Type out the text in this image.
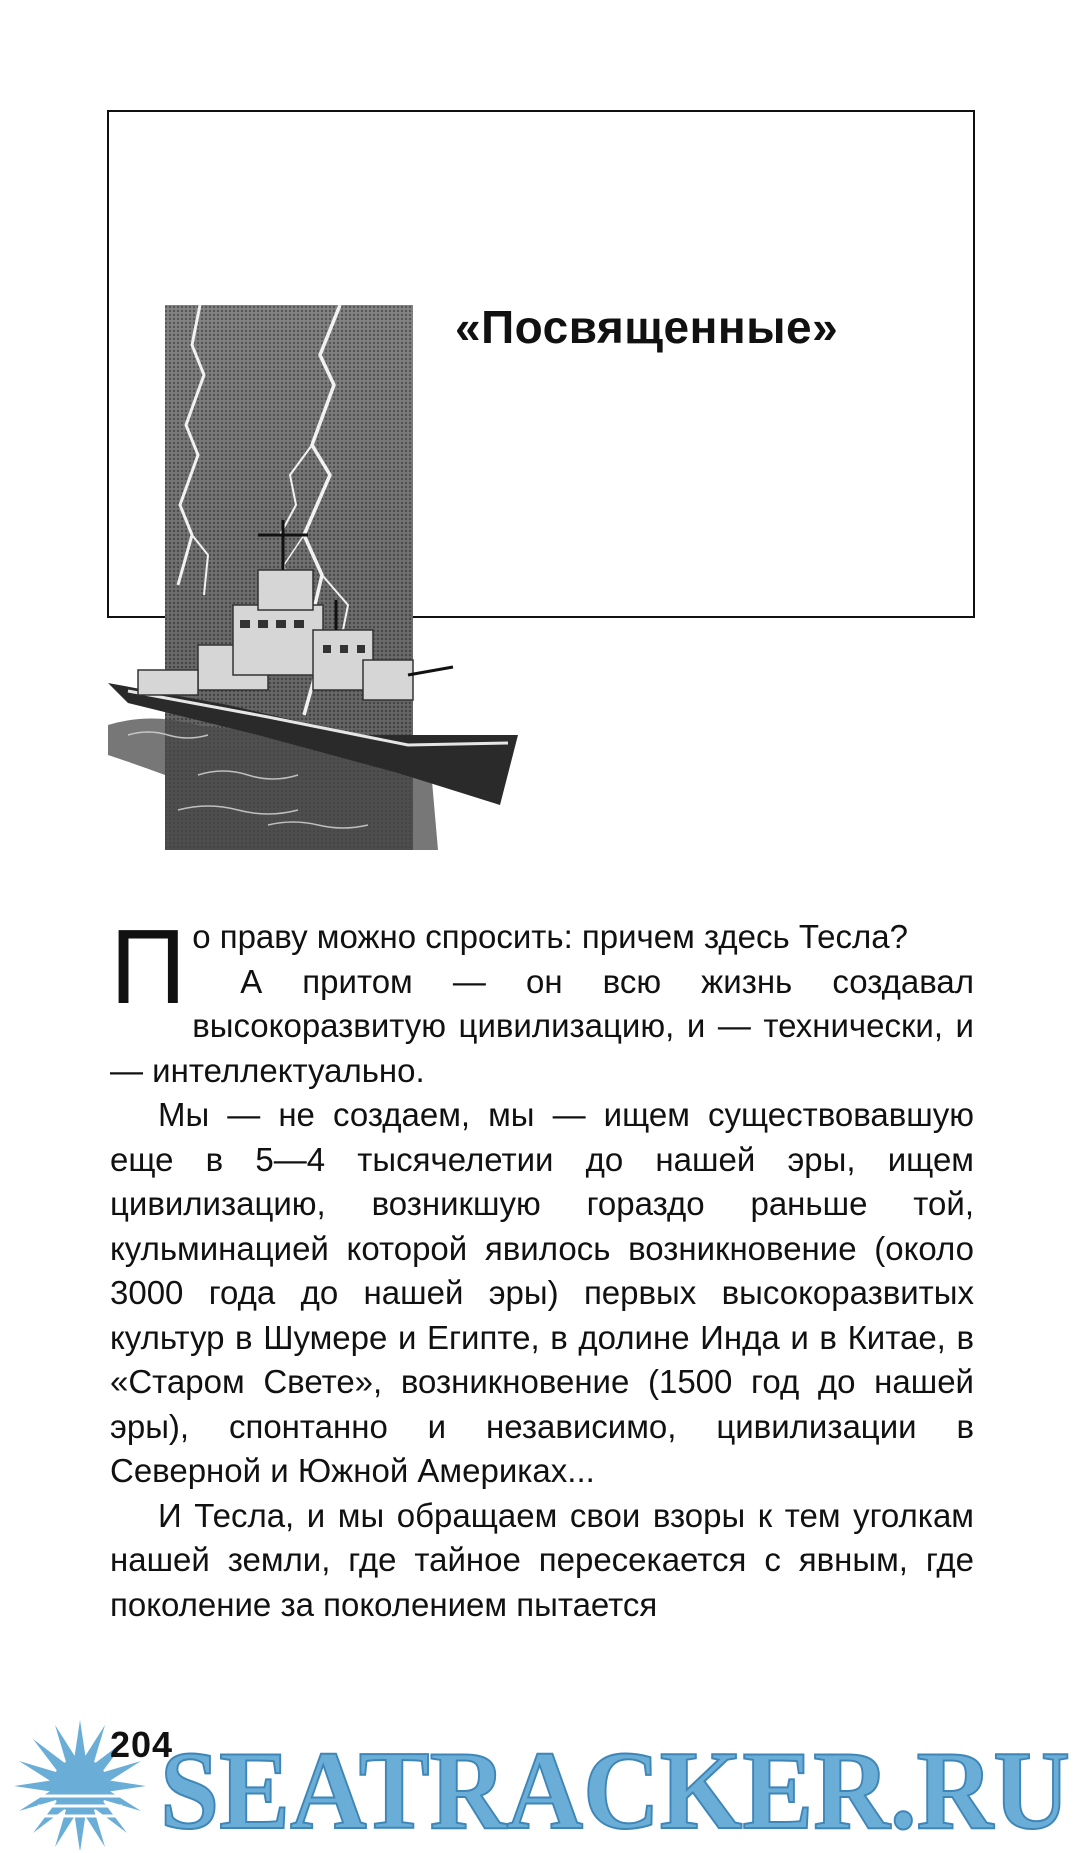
«Посвященные»

По праву можно спросить: причем здесь Тесла?

А притом — он всю жизнь создавал высокоразвитую цивилизацию, и — технически, и — интеллектуально.

Мы — не создаем, мы — ищем существовавшую еще в 5—4 тысячелетии до нашей эры, ищем цивилизацию, возникшую гораздо раньше той, кульминацией которой явилось возникновение (около 3000 года до нашей эры) первых высокоразвитых культур в Шумере и Египте, в долине Инда и в Китае, в «Старом Свете», возникновение (1500 год до нашей эры), спонтанно и независимо, цивилизации в Северной и Южной Америках...

И Тесла, и мы обращаем свои взоры к тем уголкам нашей земли, где тайное пересекается с явным, где поколение за поколением пытается

SEATRACKER.RU
204
